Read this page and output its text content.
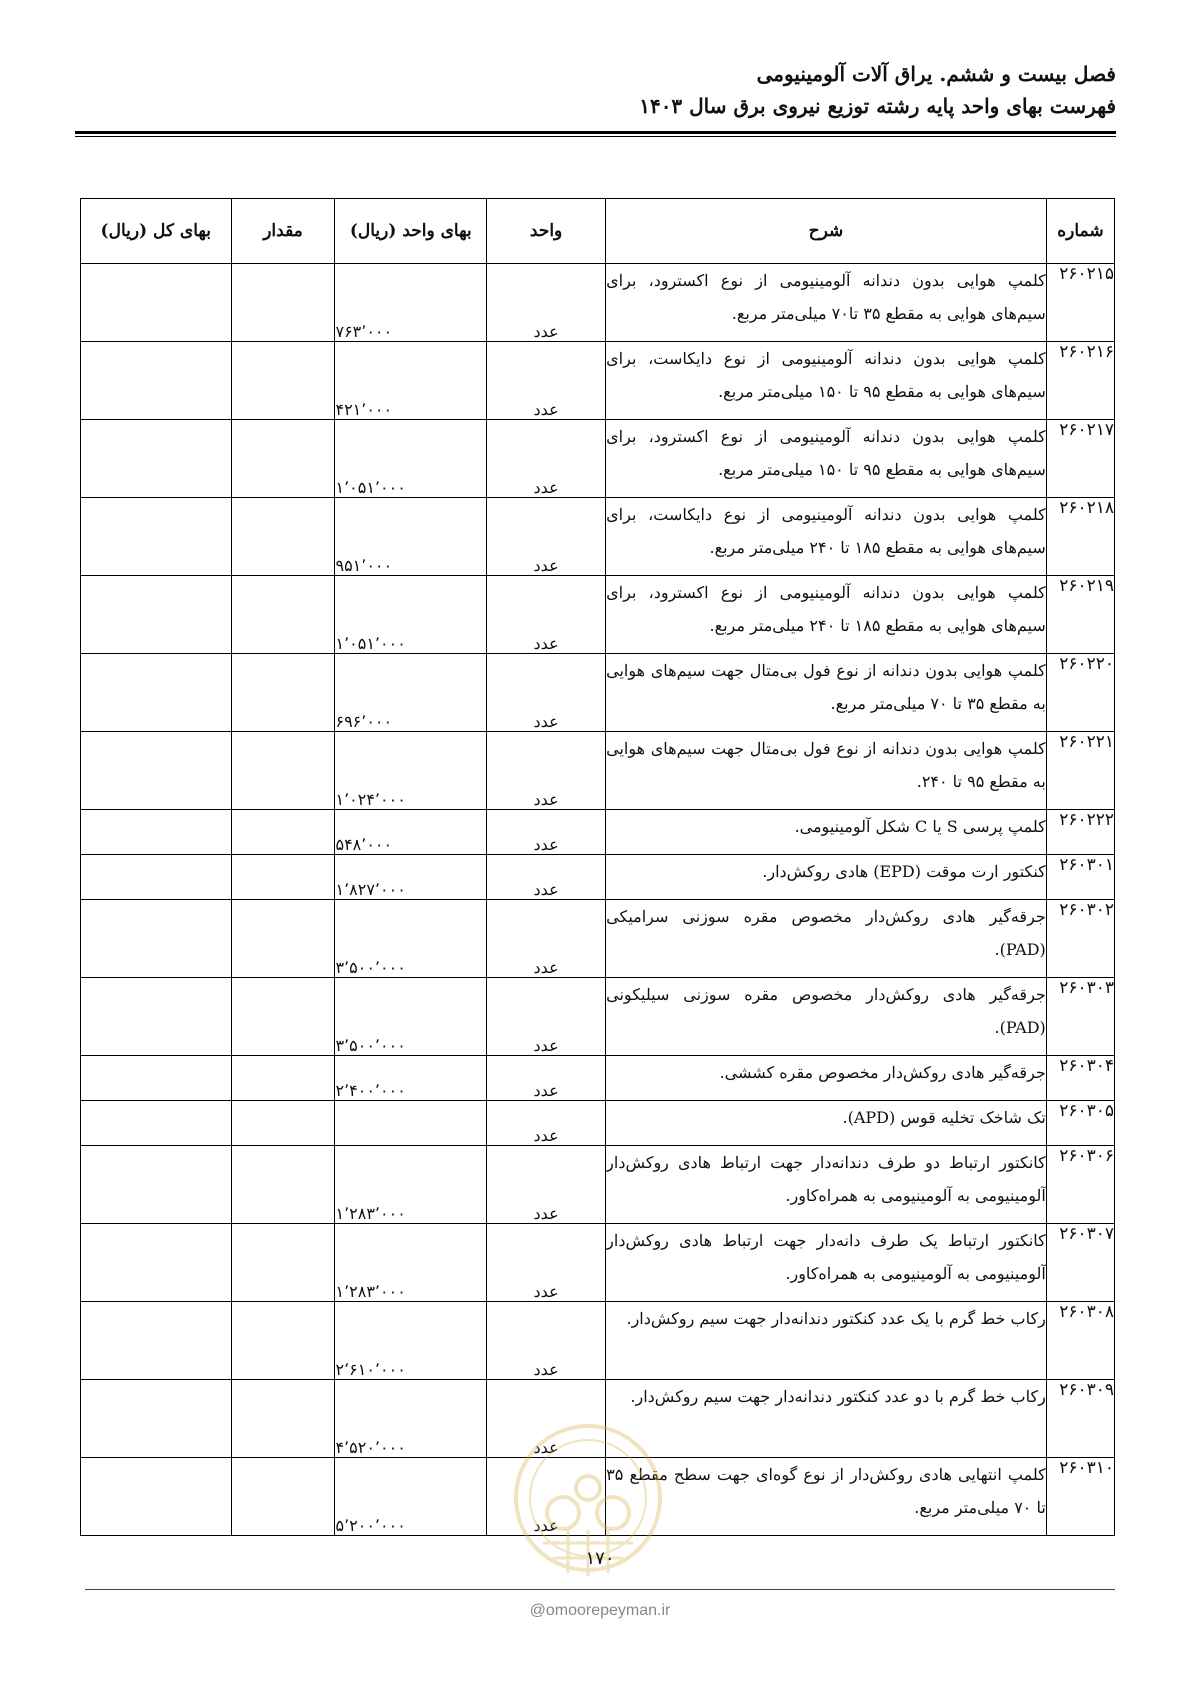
فصل بیست و ششم. یراق آلات آلومینیومی
فهرست بهای واحد پایه رشته توزیع نیروی برق سال ۱۴۰۳
شماره	شرح	واحد	بهای واحد (ریال)	مقدار	بهای کل (ریال)
۲۶۰۲۱۵	کلمپ هوایی بدون دندانه آلومینیومی از نوع اکسترود، برای سیم‌های هوایی به مقطع ۳۵ تا۷۰ میلی‌متر مربع.	عدد	۷۶۳٬۰۰۰		
۲۶۰۲۱۶	کلمپ هوایی بدون دندانه آلومینیومی از نوع دایکاست، برای سیم‌های هوایی به مقطع ۹۵ تا ۱۵۰ میلی‌متر مربع.	عدد	۴۲۱٬۰۰۰		
۲۶۰۲۱۷	کلمپ هوایی بدون دندانه آلومینیومی از نوع اکسترود، برای سیم‌های هوایی به مقطع ۹۵ تا ۱۵۰ میلی‌متر مربع.	عدد	۱٬۰۵۱٬۰۰۰		
۲۶۰۲۱۸	کلمپ هوایی بدون دندانه آلومینیومی از نوع دایکاست، برای سیم‌های هوایی به مقطع ۱۸۵ تا ۲۴۰ میلی‌متر مربع.	عدد	۹۵۱٬۰۰۰		
۲۶۰۲۱۹	کلمپ هوایی بدون دندانه آلومینیومی از نوع اکسترود، برای سیم‌های هوایی به مقطع ۱۸۵ تا ۲۴۰ میلی‌متر مربع.	عدد	۱٬۰۵۱٬۰۰۰		
۲۶۰۲۲۰	کلمپ هوایی بدون دندانه از نوع فول بی‌متال جهت سیم‌های هوایی به مقطع ۳۵ تا ۷۰ میلی‌متر مربع.	عدد	۶۹۶٬۰۰۰		
۲۶۰۲۲۱	کلمپ هوایی بدون دندانه از نوع فول بی‌متال جهت سیم‌های هوایی به مقطع ۹۵ تا ۲۴۰.	عدد	۱٬۰۲۴٬۰۰۰		
۲۶۰۲۲۲	کلمپ پرسی S یا C شکل آلومینیومی.	عدد	۵۴۸٬۰۰۰		
۲۶۰۳۰۱	کنکتور ارت موقت (EPD) هادی روکش‌دار.	عدد	۱٬۸۲۷٬۰۰۰		
۲۶۰۳۰۲	جرقه‌گیر هادی روکش‌دار مخصوص مقره سوزنی سرامیکی (PAD).	عدد	۳٬۵۰۰٬۰۰۰		
۲۶۰۳۰۳	جرقه‌گیر هادی روکش‌دار مخصوص مقره سوزنی سیلیکونی (PAD).	عدد	۳٬۵۰۰٬۰۰۰		
۲۶۰۳۰۴	جرقه‌گیر هادی روکش‌دار مخصوص مقره کششی.	عدد	۲٬۴۰۰٬۰۰۰		
۲۶۰۳۰۵	تک شاخک تخلیه قوس (APD).	عدد			
۲۶۰۳۰۶	کانکتور ارتباط دو طرف دندانه‌دار جهت ارتباط هادی روکش‌دار آلومینیومی به آلومینیومی به همراه‌کاور.	عدد	۱٬۲۸۳٬۰۰۰		
۲۶۰۳۰۷	کانکتور ارتباط یک طرف دانه‌دار جهت ارتباط هادی روکش‌دار آلومینیومی به آلومینیومی به همراه‌کاور.	عدد	۱٬۲۸۳٬۰۰۰		
۲۶۰۳۰۸	رکاب خط گرم با یک عدد کنکتور دندانه‌دار جهت سیم روکش‌دار.	عدد	۲٬۶۱۰٬۰۰۰		
۲۶۰۳۰۹	رکاب خط گرم با دو عدد کنکتور دندانه‌دار جهت سیم روکش‌دار.	عدد	۴٬۵۲۰٬۰۰۰		
۲۶۰۳۱۰	کلمپ انتهایی هادی روکش‌دار از نوع گوه‌ای جهت سطح مقطع ۳۵ تا ۷۰ میلی‌متر مربع.	عدد	۵٬۲۰۰٬۰۰۰		
۱۷۰
@omoorepeyman.ir
